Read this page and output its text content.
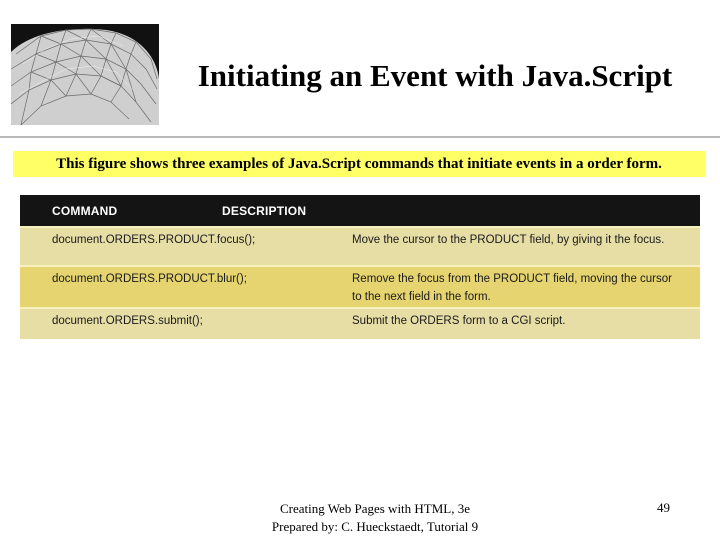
Initiating an Event with Java.Script
This figure shows three examples of Java.Script commands that initiate events in a order form.
COMMAND	DESCRIPTION
document.ORDERS.PRODUCT.focus();	Move the cursor to the PRODUCT field, by giving it the focus.
document.ORDERS.PRODUCT.blur();	Remove the focus from the PRODUCT field, moving the cursor to the next field in the form.
document.ORDERS.submit();	Submit the ORDERS form to a CGI script.
Creating Web Pages with HTML, 3e
Prepared by: C. Hueckstaedt, Tutorial 9
49
